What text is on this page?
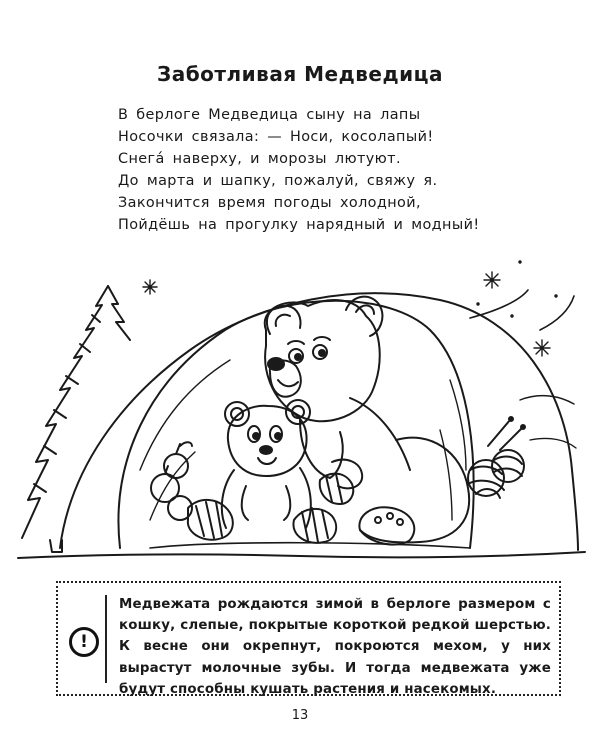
Заботливая Медведица
В берлоге Медведица сыну на лапы
Носочки связала: — Носи, косолапый!
Снега́ наверху, и морозы лютуют.
До марта и шапку, пожалуй, свяжу я.
Закончится время погоды холодной,
Пойдёшь на прогулку нарядный и модный!
!

Медвежата рождаются зимой в берлоге размером с кошку, слепые, покрытые короткой редкой шерстью. К весне они окрепнут, покроются мехом, у них вырастут молочные зубы. И тогда медвежата уже будут способны кушать растения и насекомых.

13
